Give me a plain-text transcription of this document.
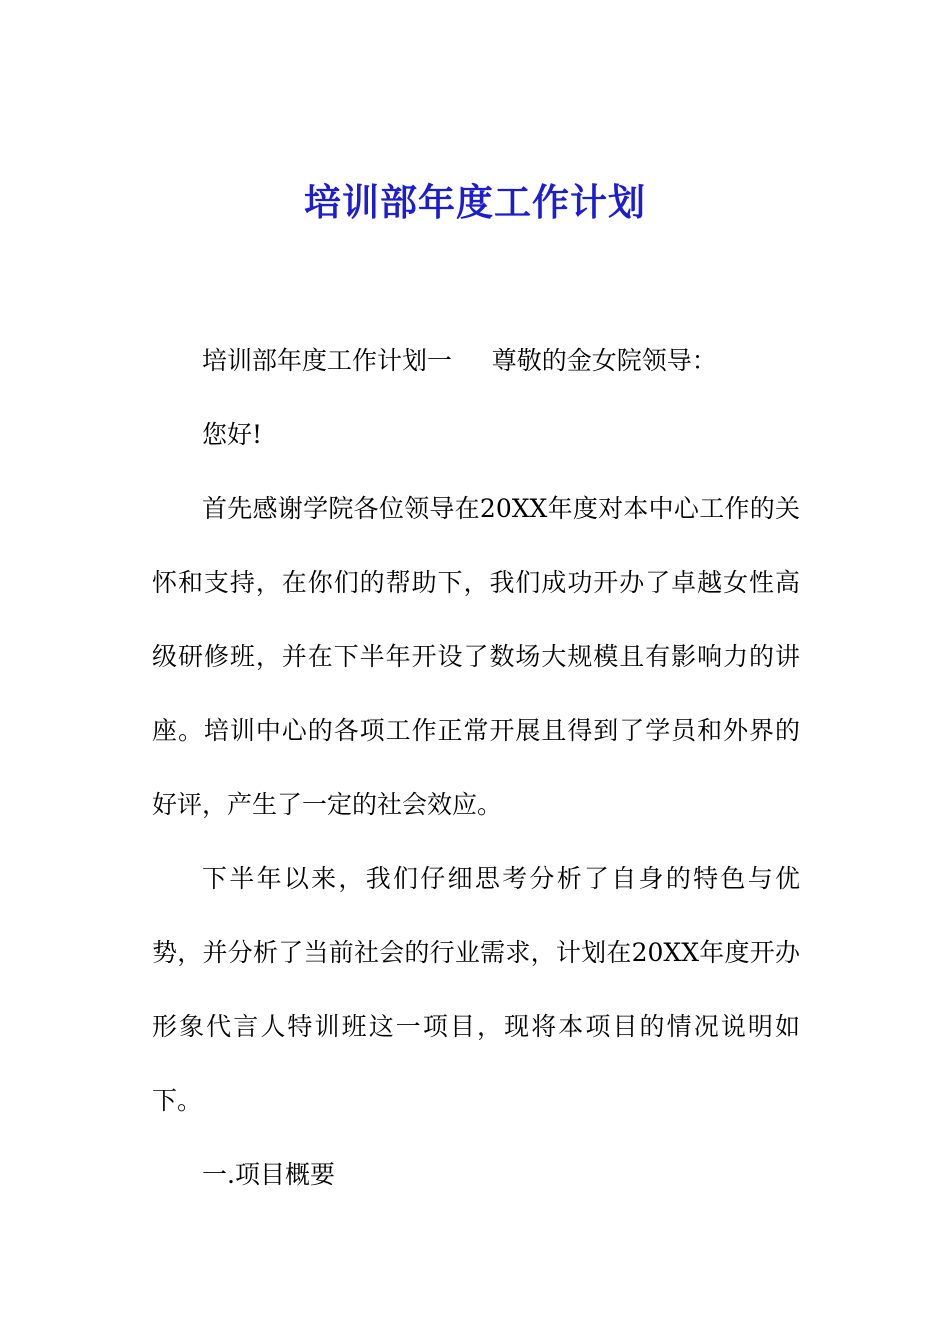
培训部年度工作计划

培训部年度工作计划一     尊敬的金女院领导：

您好!

首先感谢学院各位领导在20XX年度对本中心工作的关怀和支持，在你们的帮助下，我们成功开办了卓越女性高级研修班，并在下半年开设了数场大规模且有影响力的讲座。培训中心的各项工作正常开展且得到了学员和外界的好评，产生了一定的社会效应。

下半年以来，我们仔细思考分析了自身的特色与优势，并分析了当前社会的行业需求，计划在20XX年度开办形象代言人特训班这一项目，现将本项目的情况说明如下。

一.项目概要
